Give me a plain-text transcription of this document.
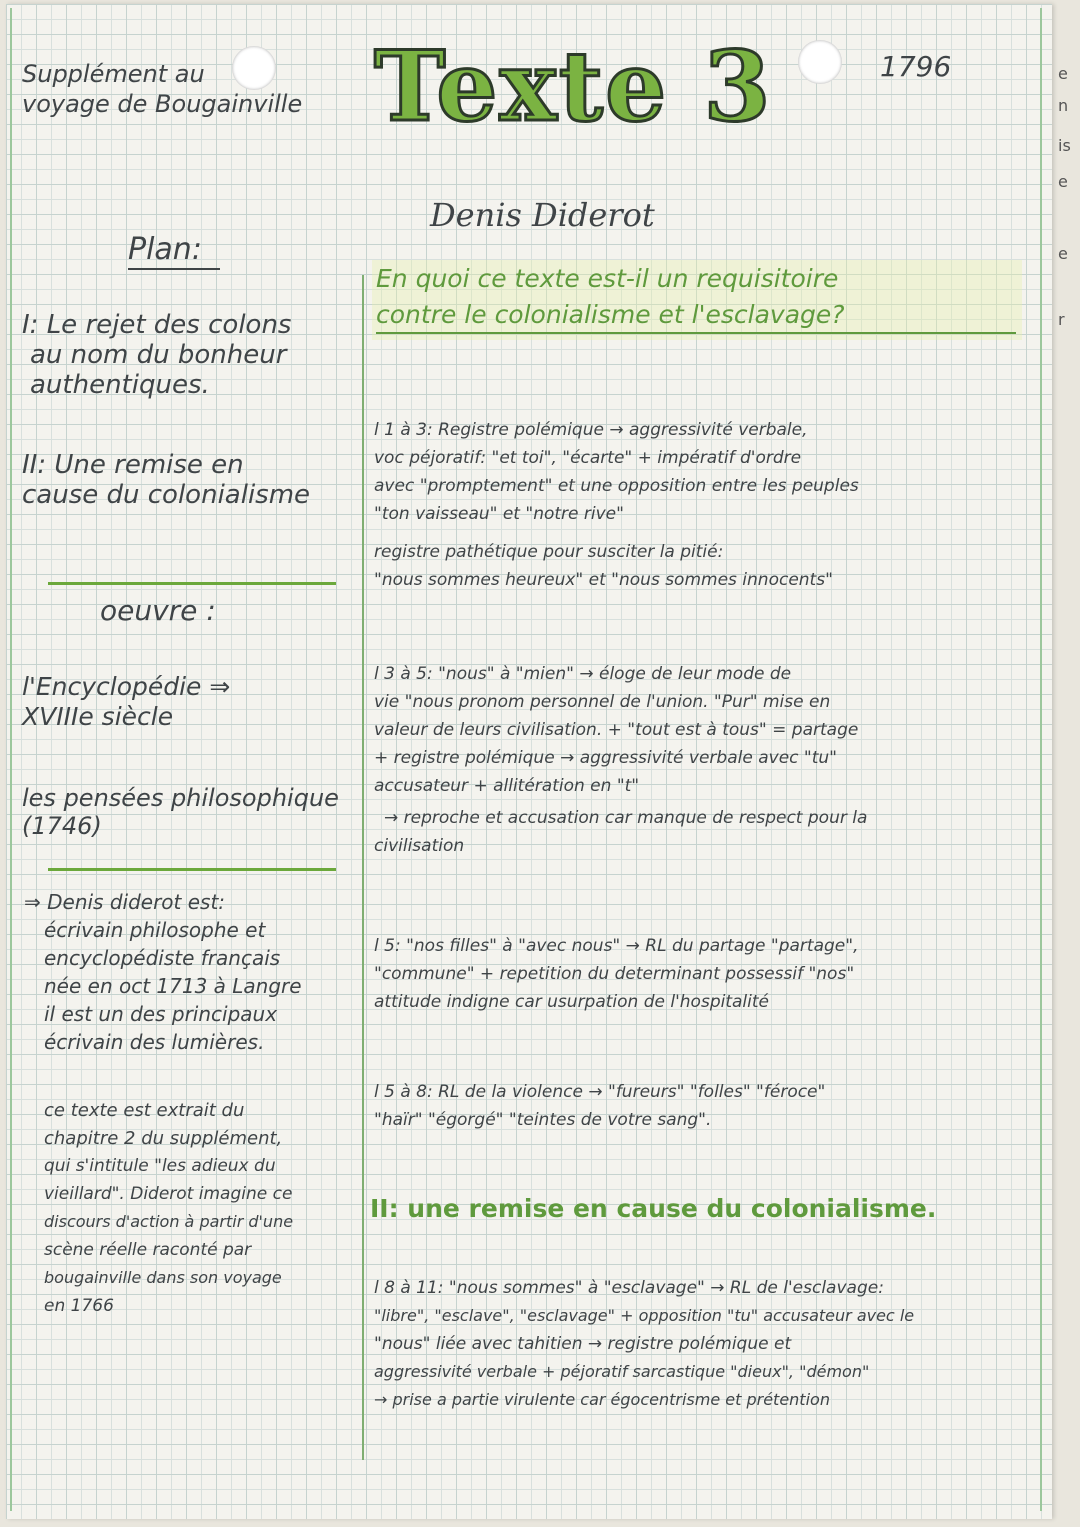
Supplément au

voyage de Bougainville Texte 3	1796

Denis Diderot

En quoi ce texte est-il un requisitoire

contre le colonialisme et l'esclavage?

Plan:

I: Le rejet des colons

au nom du bonheur

authentiques.

II: Une remise en

cause du colonialisme

oeuvre :

l'Encyclopédie ⇒

XVIIIe siècle

les pensées philosophique

(1746)

⇒ Denis diderot est:

écrivain philosophe et

encyclopédiste français

née en oct 1713 à Langre

il est un des principaux

écrivain des lumières.

ce texte est extrait du

chapitre 2 du supplément,

qui s'intitule "les adieux du

vieillard". Diderot imagine ce

discours d'action à partir d'une

scène réelle raconté par

bougainville dans son voyage

en 1766

l 1 à 3: Registre polémique → aggressivité verbale,

voc péjoratif: "et toi", "écarte" + impératif d'ordre

avec "promptement" et une opposition entre les peuples

"ton vaisseau" et "notre rive"

registre pathétique pour susciter la pitié:

"nous sommes heureux" et "nous sommes innocents"

l 3 à 5: "nous" à "mien" → éloge de leur mode de

vie "nous pronom personnel de l'union. "Pur" mise en

valeur de leurs civilisation. + "tout est à tous" = partage

+ registre polémique → aggressivité verbale avec "tu"

accusateur + allitération en "t"

→ reproche et accusation car manque de respect pour la

civilisation

l 5: "nos filles" à "avec nous" → RL du partage "partage",

"commune" + repetition du determinant possessif "nos"

attitude indigne car usurpation de l'hospitalité

l 5 à 8: RL de la violence → "fureurs" "folles" "féroce"

"haïr" "égorgé" "teintes de votre sang".

II: une remise en cause du colonialisme.

l 8 à 11: "nous sommes" à "esclavage" → RL de l'esclavage:

"libre", "esclave", "esclavage" + opposition "tu" accusateur avec le

"nous" liée avec tahitien → registre polémique et

aggressivité verbale + péjoratif sarcastique "dieux", "démon"

→ prise a partie virulente car égocentrisme et prétention

e
n
is
e
e
r
